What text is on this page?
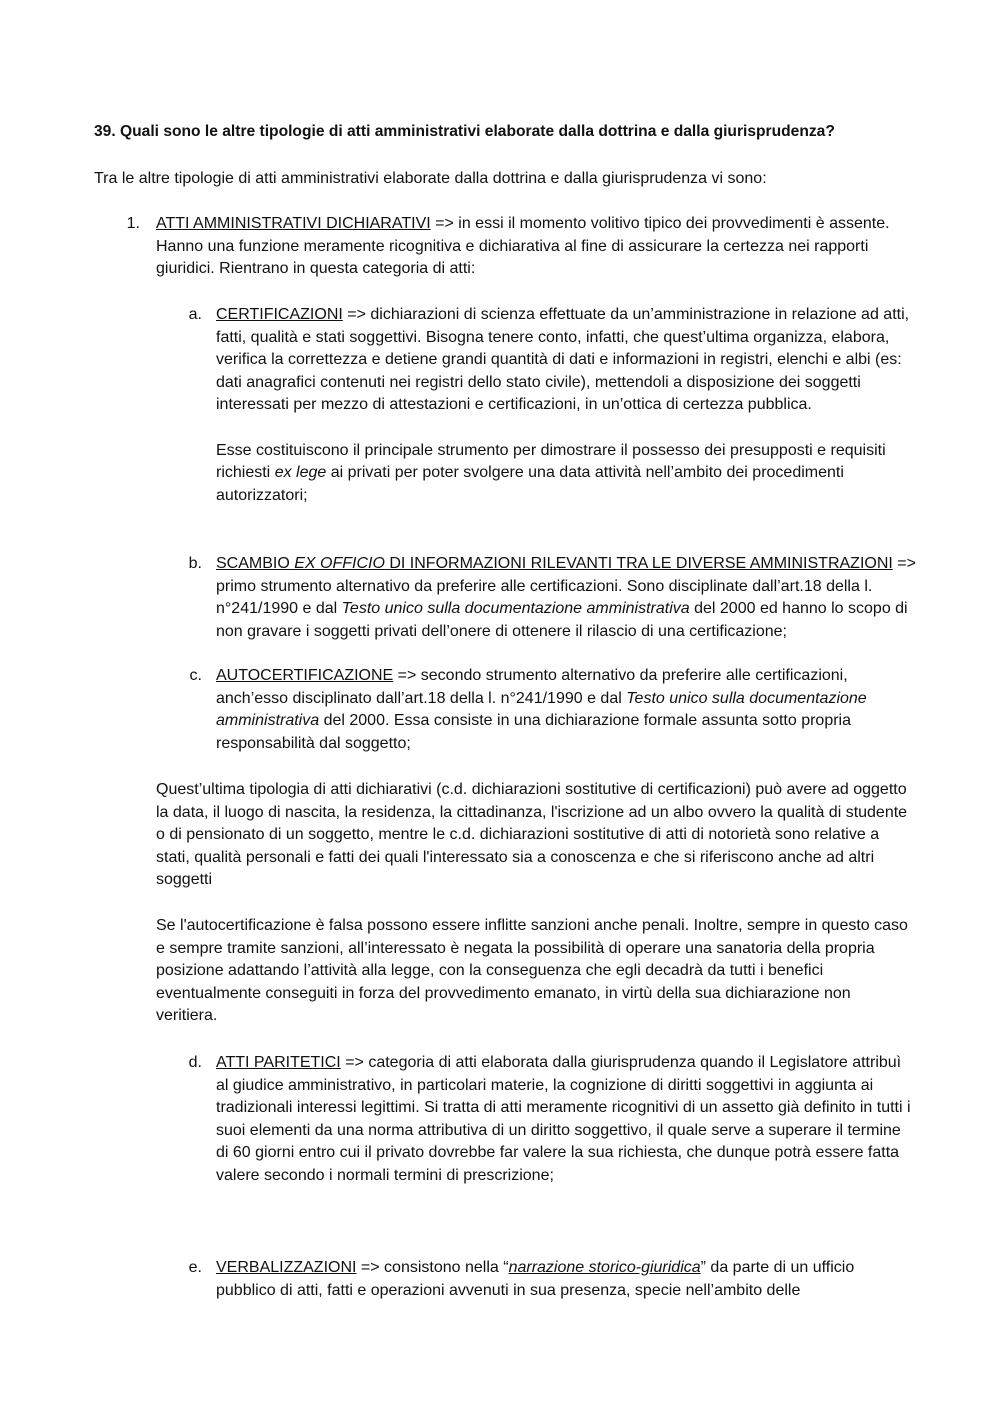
39. Quali sono le altre tipologie di atti amministrativi elaborate dalla dottrina e dalla giurisprudenza?

Tra le altre tipologie di atti amministrativi elaborate dalla dottrina e dalla giurisprudenza vi sono:

1. ATTI AMMINISTRATIVI DICHIARATIVI => in essi il momento volitivo tipico dei provvedimenti è assente. Hanno una funzione meramente ricognitiva e dichiarativa al fine di assicurare la certezza nei rapporti giuridici. Rientrano in questa categoria di atti:
a. CERTIFICAZIONI => dichiarazioni di scienza effettuate da un’amministrazione in relazione ad atti, fatti, qualità e stati soggettivi. Bisogna tenere conto, infatti, che quest’ultima organizza, elabora, verifica la correttezza e detiene grandi quantità di dati e informazioni in registri, elenchi e albi (es: dati anagrafici contenuti nei registri dello stato civile), mettendoli a disposizione dei soggetti interessati per mezzo di attestazioni e certificazioni, in un’ottica di certezza pubblica.

Esse costituiscono il principale strumento per dimostrare il possesso dei presupposti e requisiti richiesti ex lege ai privati per poter svolgere una data attività nell’ambito dei procedimenti autorizzatori;

b. SCAMBIO EX OFFICIO DI INFORMAZIONI RILEVANTI TRA LE DIVERSE AMMINISTRAZIONI => primo strumento alternativo da preferire alle certificazioni. Sono disciplinate dall’art.18 della l. n°241/1990 e dal Testo unico sulla documentazione amministrativa del 2000 ed hanno lo scopo di non gravare i soggetti privati dell’onere di ottenere il rilascio di una certificazione;
c. AUTOCERTIFICAZIONE => secondo strumento alternativo da preferire alle certificazioni, anch’esso disciplinato dall’art.18 della l. n°241/1990 e dal Testo unico sulla documentazione amministrativa del 2000. Essa consiste in una dichiarazione formale assunta sotto propria responsabilità dal soggetto;

Quest’ultima tipologia di atti dichiarativi (c.d. dichiarazioni sostitutive di certificazioni) può avere ad oggetto la data, il luogo di nascita, la residenza, la cittadinanza, l'iscrizione ad un albo ovvero la qualità di studente o di pensionato di un soggetto, mentre le c.d. dichiarazioni sostitutive di atti di notorietà sono relative a stati, qualità personali e fatti dei quali l'interessato sia a conoscenza e che si riferiscono anche ad altri soggetti

Se l'autocertificazione è falsa possono essere inflitte sanzioni anche penali. Inoltre, sempre in questo caso e sempre tramite sanzioni, all’interessato è negata la possibilità di operare una sanatoria della propria posizione adattando l’attività alla legge, con la conseguenza che egli decadrà da tutti i benefici eventualmente conseguiti in forza del provvedimento emanato, in virtù della sua dichiarazione non veritiera.

d. ATTI PARITETICI => categoria di atti elaborata dalla giurisprudenza quando il Legislatore attribuì al giudice amministrativo, in particolari materie, la cognizione di diritti soggettivi in aggiunta ai tradizionali interessi legittimi. Si tratta di atti meramente ricognitivi di un assetto già definito in tutti i suoi elementi da una norma attributiva di un diritto soggettivo, il quale serve a superare il termine di 60 giorni entro cui il privato dovrebbe far valere la sua richiesta, che dunque potrà essere fatta valere secondo i normali termini di prescrizione;
e. VERBALIZZAZIONI => consistono nella “narrazione storico-giuridica” da parte di un ufficio pubblico di atti, fatti e operazioni avvenuti in sua presenza, specie nell’ambito delle
